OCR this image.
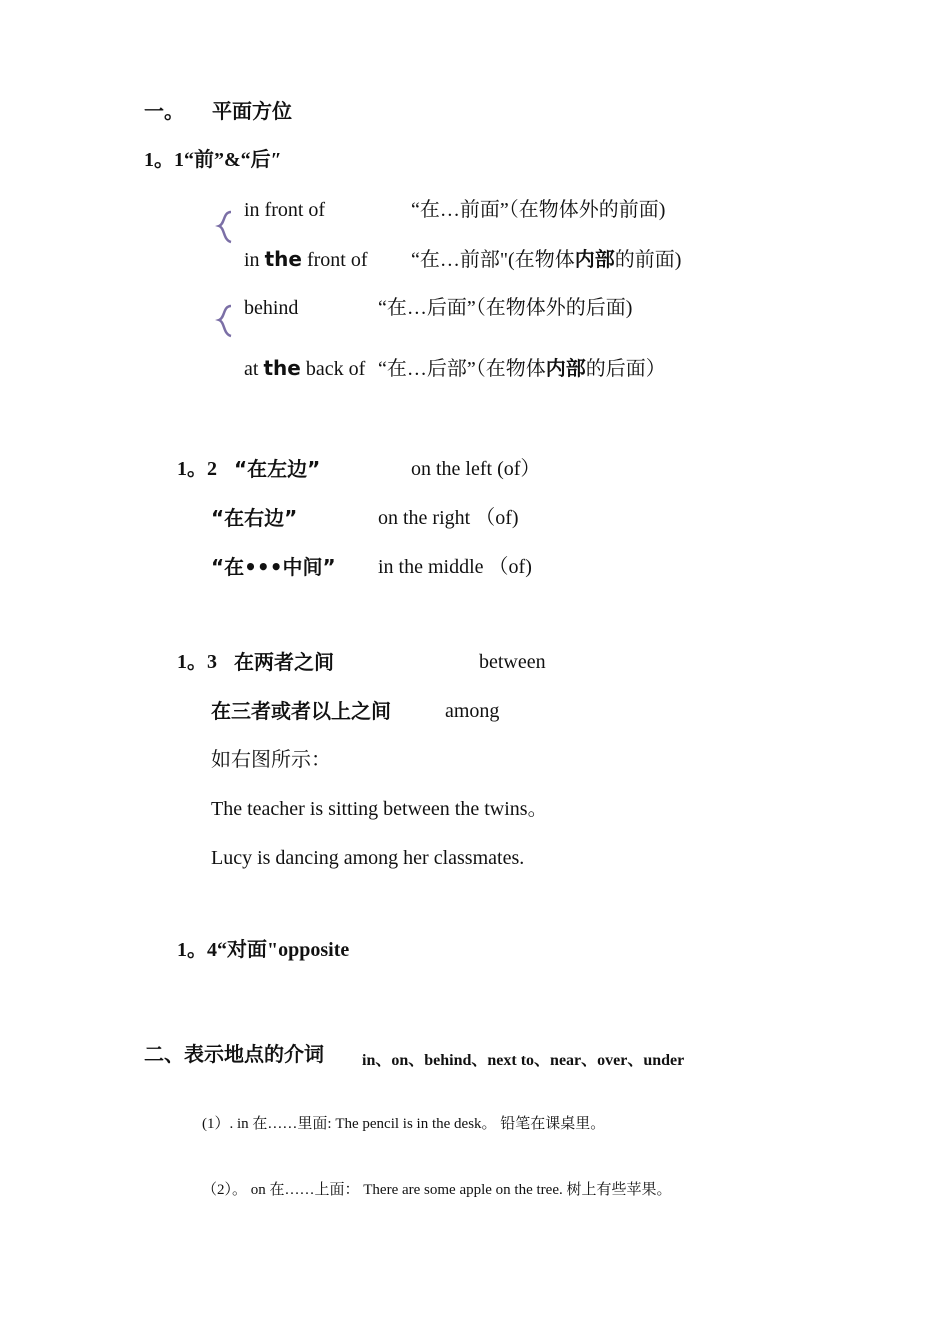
一。 平面方位
1。1“前”&“后″
in front of	“在…前面”（在物体外的前面)
in the front of “在…前部"(在物体内部的前面)
behind	“在…后面”（在物体外的后面)
at the back of “在…后部”（在物体内部的后面）
1。2 “在左边”	on the left (of）
“在右边”	on the right （of)
“在•••中间” in the middle （of)
1。3 在两者之间	between
在三者或者以上之间	among
如右图所示：
The teacher is sitting between the twins。
Lucy is dancing among her classmates.
1。4“对面"opposite
二、表示地点的介词 in、on、behind、next to、near、over、under
(1）. in 在……里面: The pencil is in the desk。 铅笔在课桌里。
（2）。 on 在……上面： There are some apple on the tree. 树上有些苹果。
